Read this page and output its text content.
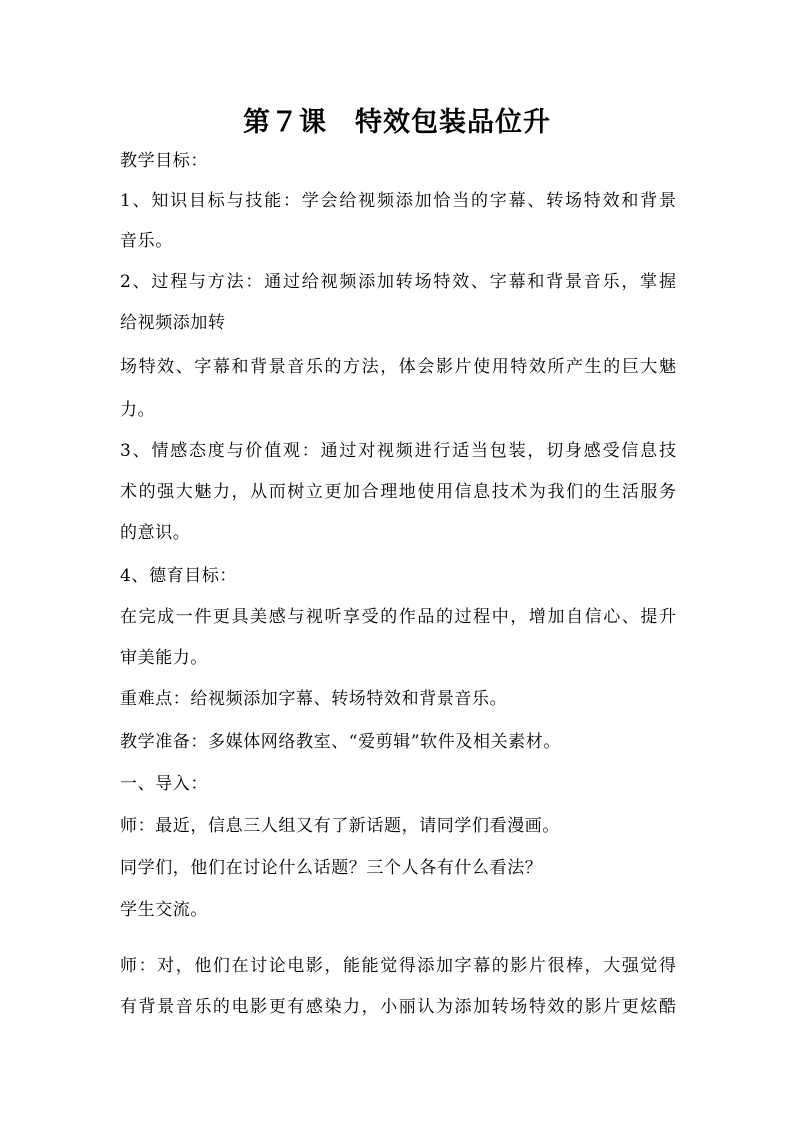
第７课　特效包装品位升
教学目标：
1、知识目标与技能：学会给视频添加恰当的字幕、转场特效和背景
音乐。
2、过程与方法：通过给视频添加转场特效、字幕和背景音乐，掌握
给视频添加转
场特效、字幕和背景音乐的方法，体会影片使用特效所产生的巨大魅
力。
3、情感态度与价值观：通过对视频进行适当包装，切身感受信息技
术的强大魅力，从而树立更加合理地使用信息技术为我们的生活服务
的意识。
4、德育目标：
在完成一件更具美感与视听享受的作品的过程中，增加自信心、提升
审美能力。
重难点：给视频添加字幕、转场特效和背景音乐。
教学准备：多媒体网络教室、“爱剪辑”软件及相关素材。
一、导入：
师：最近，信息三人组又有了新话题，请同学们看漫画。
同学们，他们在讨论什么话题？三个人各有什么看法？
学生交流。
师：对，他们在讨论电影，能能觉得添加字幕的影片很棒，大强觉得
有背景音乐的电影更有感染力，小丽认为添加转场特效的影片更炫酷
